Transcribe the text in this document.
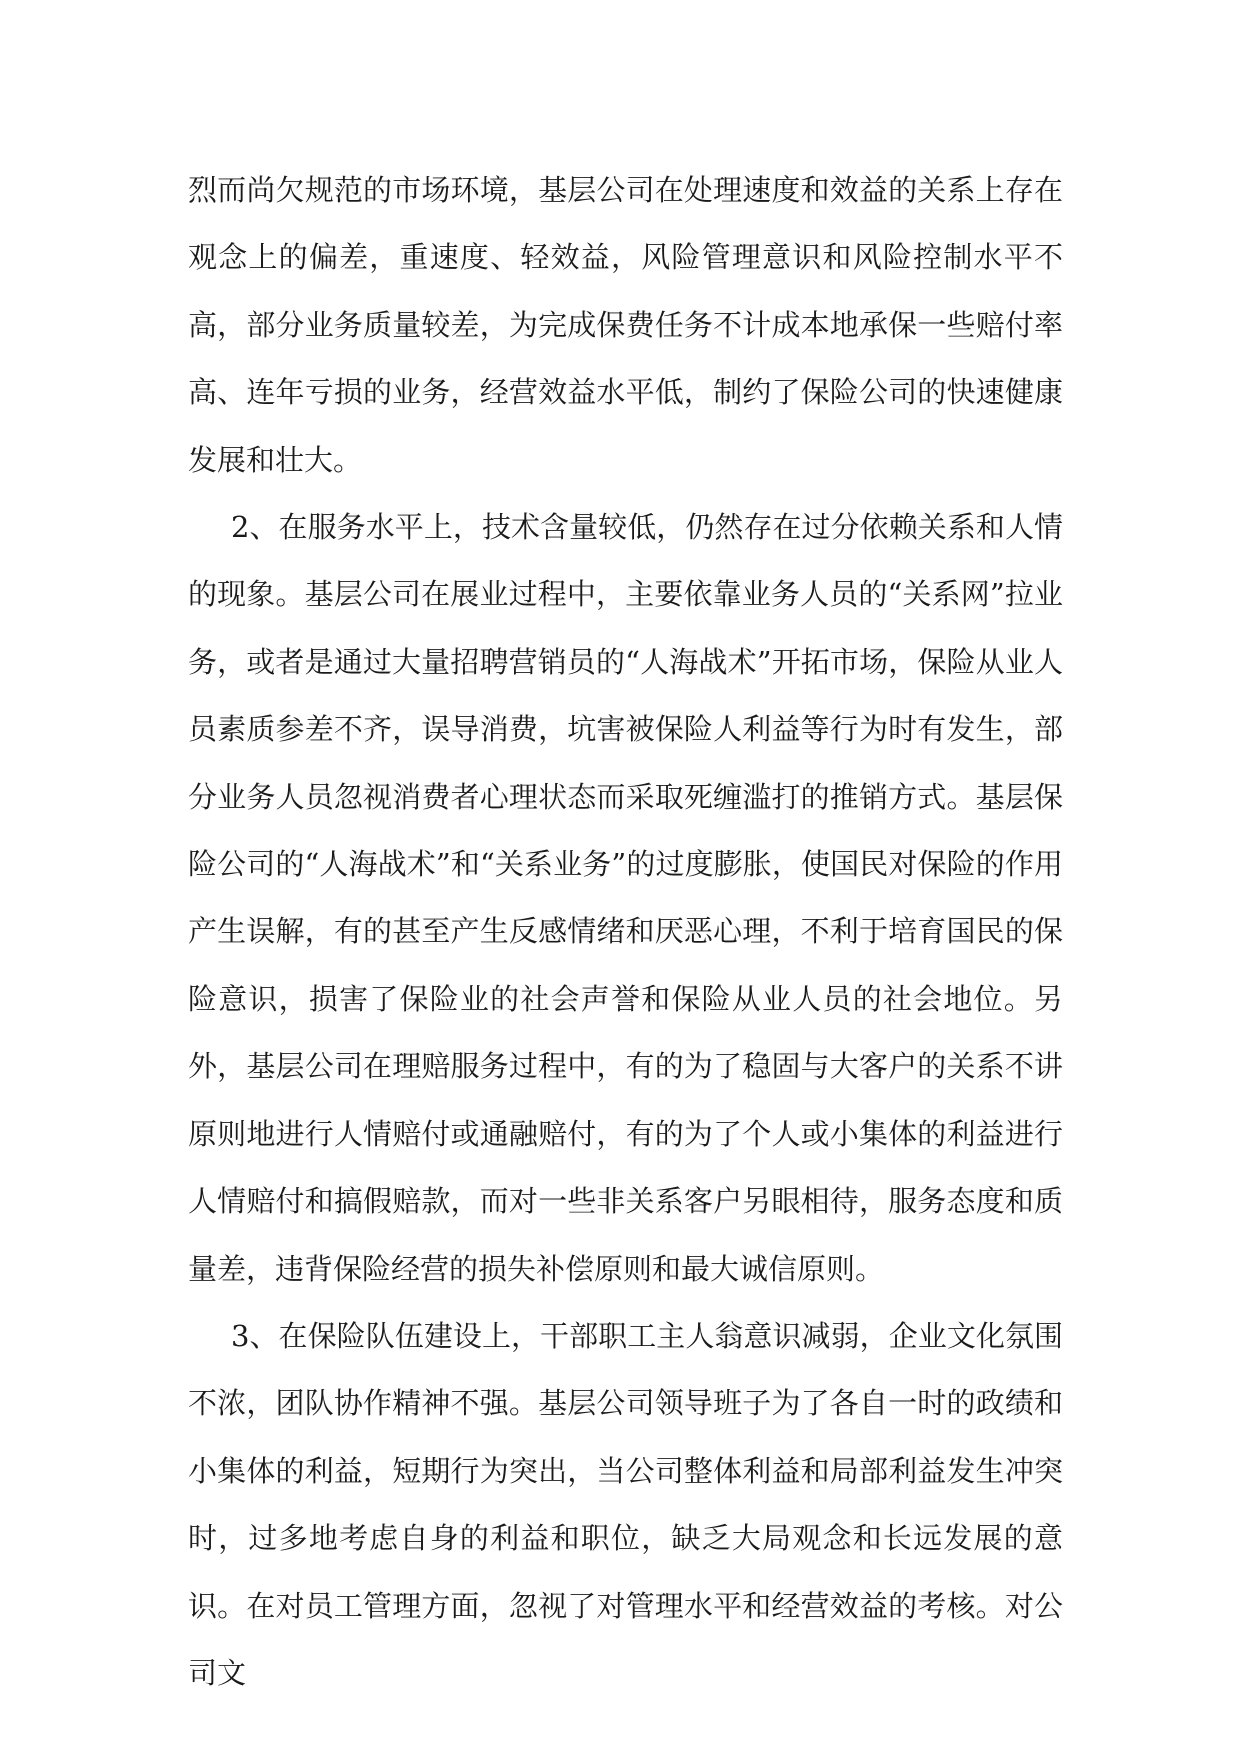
烈而尚欠规范的市场环境，基层公司在处理速度和效益的关系上存在观念上的偏差，重速度、轻效益，风险管理意识和风险控制水平不高，部分业务质量较差，为完成保费任务不计成本地承保一些赔付率高、连年亏损的业务，经营效益水平低，制约了保险公司的快速健康发展和壮大。

2、在服务水平上，技术含量较低，仍然存在过分依赖关系和人情的现象。基层公司在展业过程中，主要依靠业务人员的“关系网”拉业务，或者是通过大量招聘营销员的“人海战术”开拓市场，保险从业人员素质参差不齐，误导消费，坑害被保险人利益等行为时有发生，部分业务人员忽视消费者心理状态而采取死缠滥打的推销方式。基层保险公司的“人海战术”和“关系业务”的过度膨胀，使国民对保险的作用产生误解，有的甚至产生反感情绪和厌恶心理，不利于培育国民的保险意识，损害了保险业的社会声誉和保险从业人员的社会地位。另外，基层公司在理赔服务过程中，有的为了稳固与大客户的关系不讲原则地进行人情赔付或通融赔付，有的为了个人或小集体的利益进行人情赔付和搞假赔款，而对一些非关系客户另眼相待，服务态度和质量差，违背保险经营的损失补偿原则和最大诚信原则。

3、在保险队伍建设上，干部职工主人翁意识减弱，企业文化氛围不浓，团队协作精神不强。基层公司领导班子为了各自一时的政绩和小集体的利益，短期行为突出，当公司整体利益和局部利益发生冲突时，过多地考虑自身的利益和职位，缺乏大局观念和长远发展的意识。在对员工管理方面，忽视了对管理水平和经营效益的考核。对公司文
